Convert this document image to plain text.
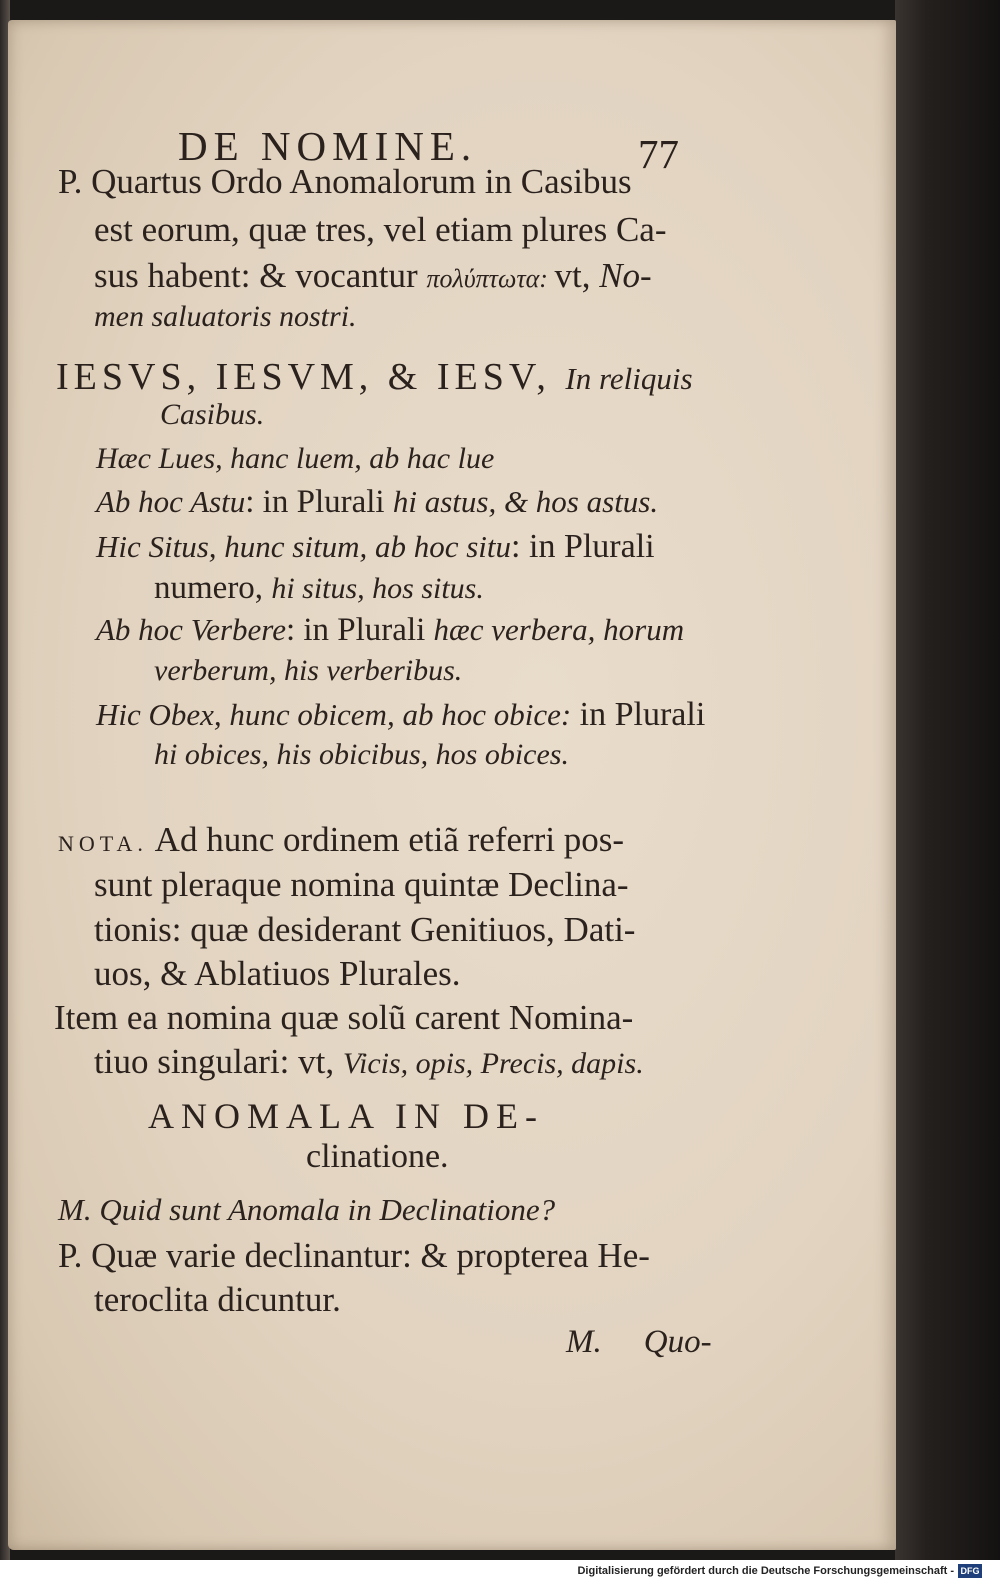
DE NOMINE.	77
P. Quartus Ordo Anomalorum in Casibus
est eorum, quæ tres, vel etiam plures Ca-
sus habent: & vocantur πολύπτωτα: vt, No-
men saluatoris nostri.
IESVS, IESVM, & IESV, In reliquis
Casibus.
Hæc Lues, hanc luem, ab hac lue
Ab hoc Astu: in Plurali hi astus, & hos astus.
Hic Situs, hunc situm, ab hoc situ: in Plurali
numero, hi situs, hos situs.
Ab hoc Verbere: in Plurali hæc verbera, horum
verberum, his verberibus.
Hic Obex, hunc obicem, ab hoc obice: in Plurali
hi obices, his obicibus, hos obices.
NOTA. Ad hunc ordinem etiã referri pos-
sunt pleraque nomina quintæ Declina-
tionis: quæ desiderant Genitiuos, Dati-
uos, & Ablatiuos Plurales.
Item ea nomina quæ solũ carent Nomina-
tiuo singulari: vt, Vicis, opis, Precis, dapis.
ANOMALA IN DE-
clinatione.
M. Quid sunt Anomala in Declinatione?
P. Quæ varie declinantur: & propterea He-
teroclita dicuntur.
M. Quo-
Digitalisierung gefördert durch die Deutsche Forschungsgemeinschaft - DFG
